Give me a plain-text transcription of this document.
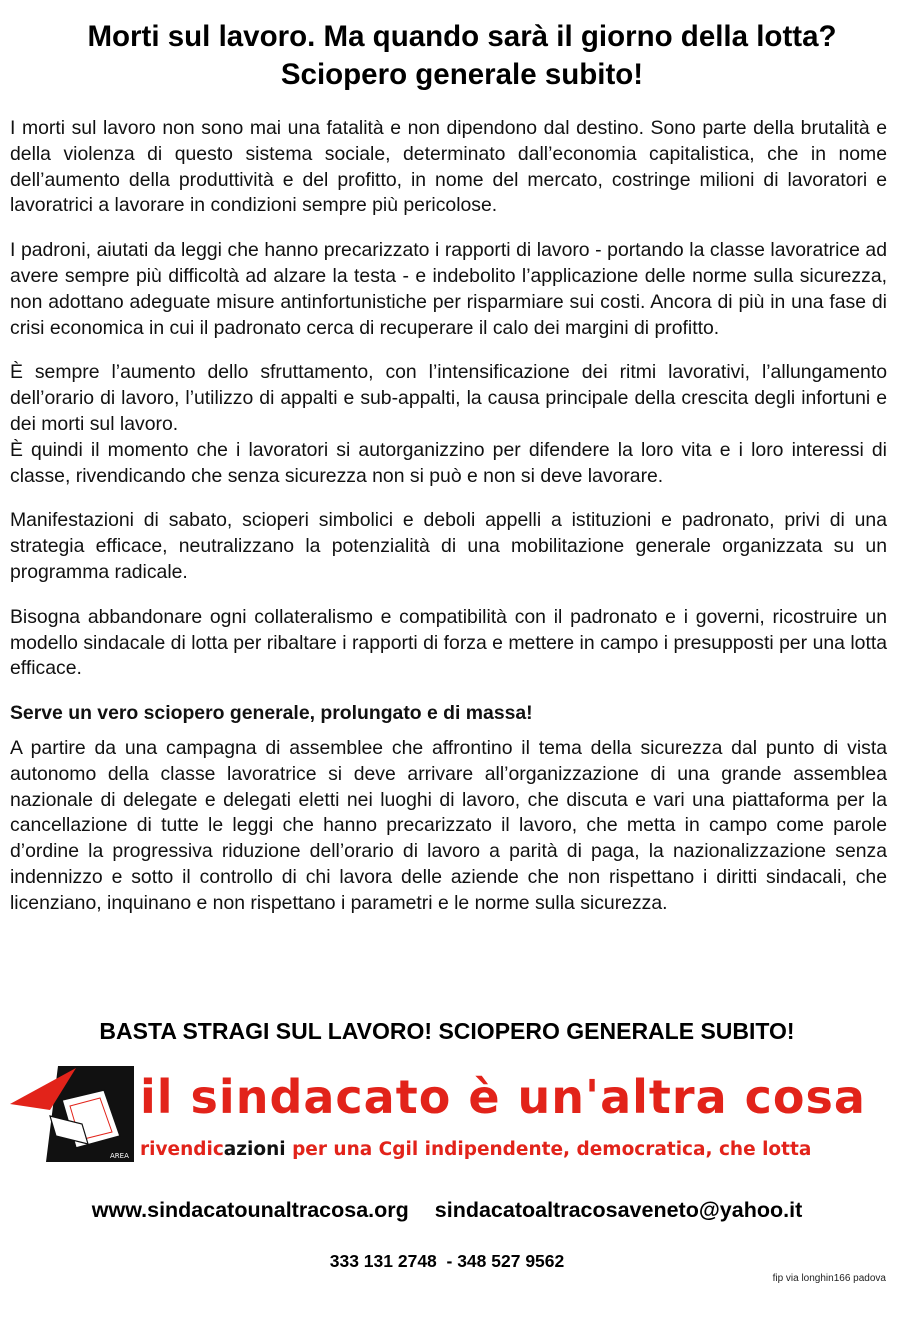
Morti sul lavoro. Ma quando sarà il giorno della lotta?
Sciopero generale subito!

I morti sul lavoro non sono mai una fatalità e non dipendono dal destino. Sono parte della brutalità e della violenza di questo sistema sociale, determinato dall’economia capitalistica, che in nome dell’aumento della produttività e del profitto, in nome del mercato, costringe milioni di lavoratori e lavoratrici a lavorare in condizioni sempre più pericolose.

I padroni, aiutati da leggi che hanno precarizzato i rapporti di lavoro - portando la classe lavoratrice ad avere sempre più difficoltà ad alzare la testa - e indebolito l’applicazione delle norme sulla sicurezza, non adottano adeguate misure antinfortunistiche per risparmiare sui costi. Ancora di più in una fase di crisi economica in cui il padronato cerca di recuperare il calo dei margini di profitto.

È sempre l’aumento dello sfruttamento, con l’intensificazione dei ritmi lavorativi, l’allungamento dell’orario di lavoro, l’utilizzo di appalti e sub-appalti, la causa principale della crescita degli infortuni e dei morti sul lavoro.

È quindi il momento che i lavoratori si autorganizzino per difendere la loro vita e i loro interessi di classe, rivendicando che senza sicurezza non si può e non si deve lavorare.

Manifestazioni di sabato, scioperi simbolici e deboli appelli a istituzioni e padronato, privi di una strategia efficace, neutralizzano la potenzialità di una mobilitazione generale organizzata su un programma radicale.

Bisogna abbandonare ogni collateralismo e compatibilità con il padronato e i governi, ricostruire un modello sindacale di lotta per ribaltare i rapporti di forza e mettere in campo i presupposti per una lotta efficace.

Serve un vero sciopero generale, prolungato e di massa!

A partire da una campagna di assemblee che affrontino il tema della sicurezza dal punto di vista autonomo della classe lavoratrice si deve arrivare all’organizzazione di una grande assemblea nazionale di delegate e delegati eletti nei luoghi di lavoro, che discuta e vari una piattaforma per la cancellazione di tutte le leggi che hanno precarizzato il lavoro, che metta in campo come parole d’ordine la progressiva riduzione dell’orario di lavoro a parità di paga, la nazionalizzazione senza indennizzo e sotto il controllo di chi lavora delle aziende che non rispettano i diritti sindacali, che licenziano, inquinano e non rispettano i parametri e le norme sulla sicurezza.

BASTA STRAGI SUL LAVORO! SCIOPERO GENERALE SUBITO!
AREA
il sindacato è un'altra cosa
rivendicazioni per una Cgil indipendente, democratica, che lotta
www.sindacatounaltracosa.org sindacatoaltracosaveneto@yahoo.it
333 131 2748  - 348 527 9562
fip via longhin166 padova
